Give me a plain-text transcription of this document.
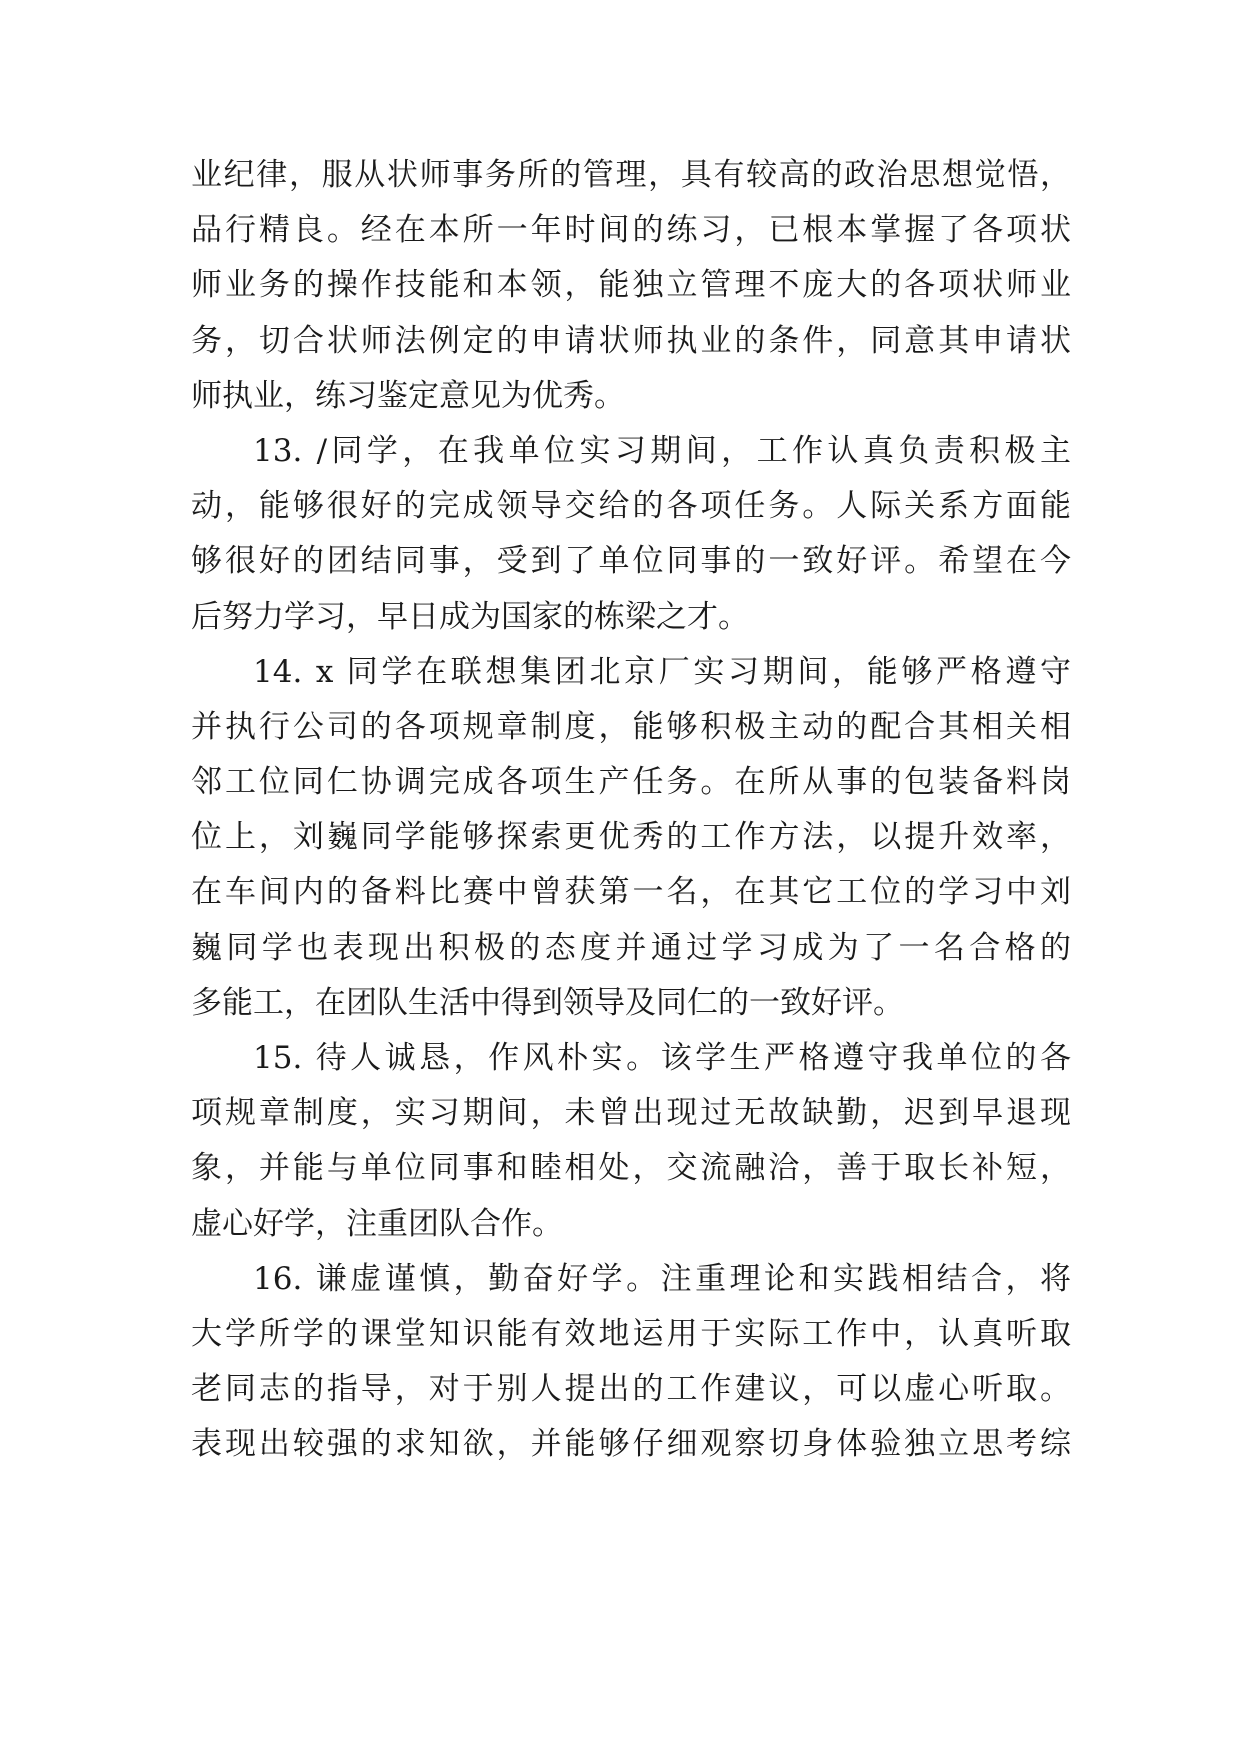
业纪律，服从状师事务所的管理，具有较高的政治思想觉悟，
品行精良。经在本所一年时间的练习，已根本掌握了各项状
师业务的操作技能和本领，能独立管理不庞大的各项状师业
务，切合状师法例定的申请状师执业的条件，同意其申请状
师执业，练习鉴定意见为优秀。
13. /同学，在我单位实习期间，工作认真负责积极主
动，能够很好的完成领导交给的各项任务。人际关系方面能
够很好的团结同事，受到了单位同事的一致好评。希望在今
后努力学习，早日成为国家的栋梁之才。
14. x 同学在联想集团北京厂实习期间，能够严格遵守
并执行公司的各项规章制度，能够积极主动的配合其相关相
邻工位同仁协调完成各项生产任务。在所从事的包装备料岗
位上，刘巍同学能够探索更优秀的工作方法，以提升效率，
在车间内的备料比赛中曾获第一名，在其它工位的学习中刘
巍同学也表现出积极的态度并通过学习成为了一名合格的
多能工，在团队生活中得到领导及同仁的一致好评。
15. 待人诚恳，作风朴实。该学生严格遵守我单位的各
项规章制度，实习期间，未曾出现过无故缺勤，迟到早退现
象，并能与单位同事和睦相处，交流融洽，善于取长补短，
虚心好学，注重团队合作。
16. 谦虚谨慎，勤奋好学。注重理论和实践相结合，将
大学所学的课堂知识能有效地运用于实际工作中，认真听取
老同志的指导，对于别人提出的工作建议，可以虚心听取。
表现出较强的求知欲，并能够仔细观察切身体验独立思考综
